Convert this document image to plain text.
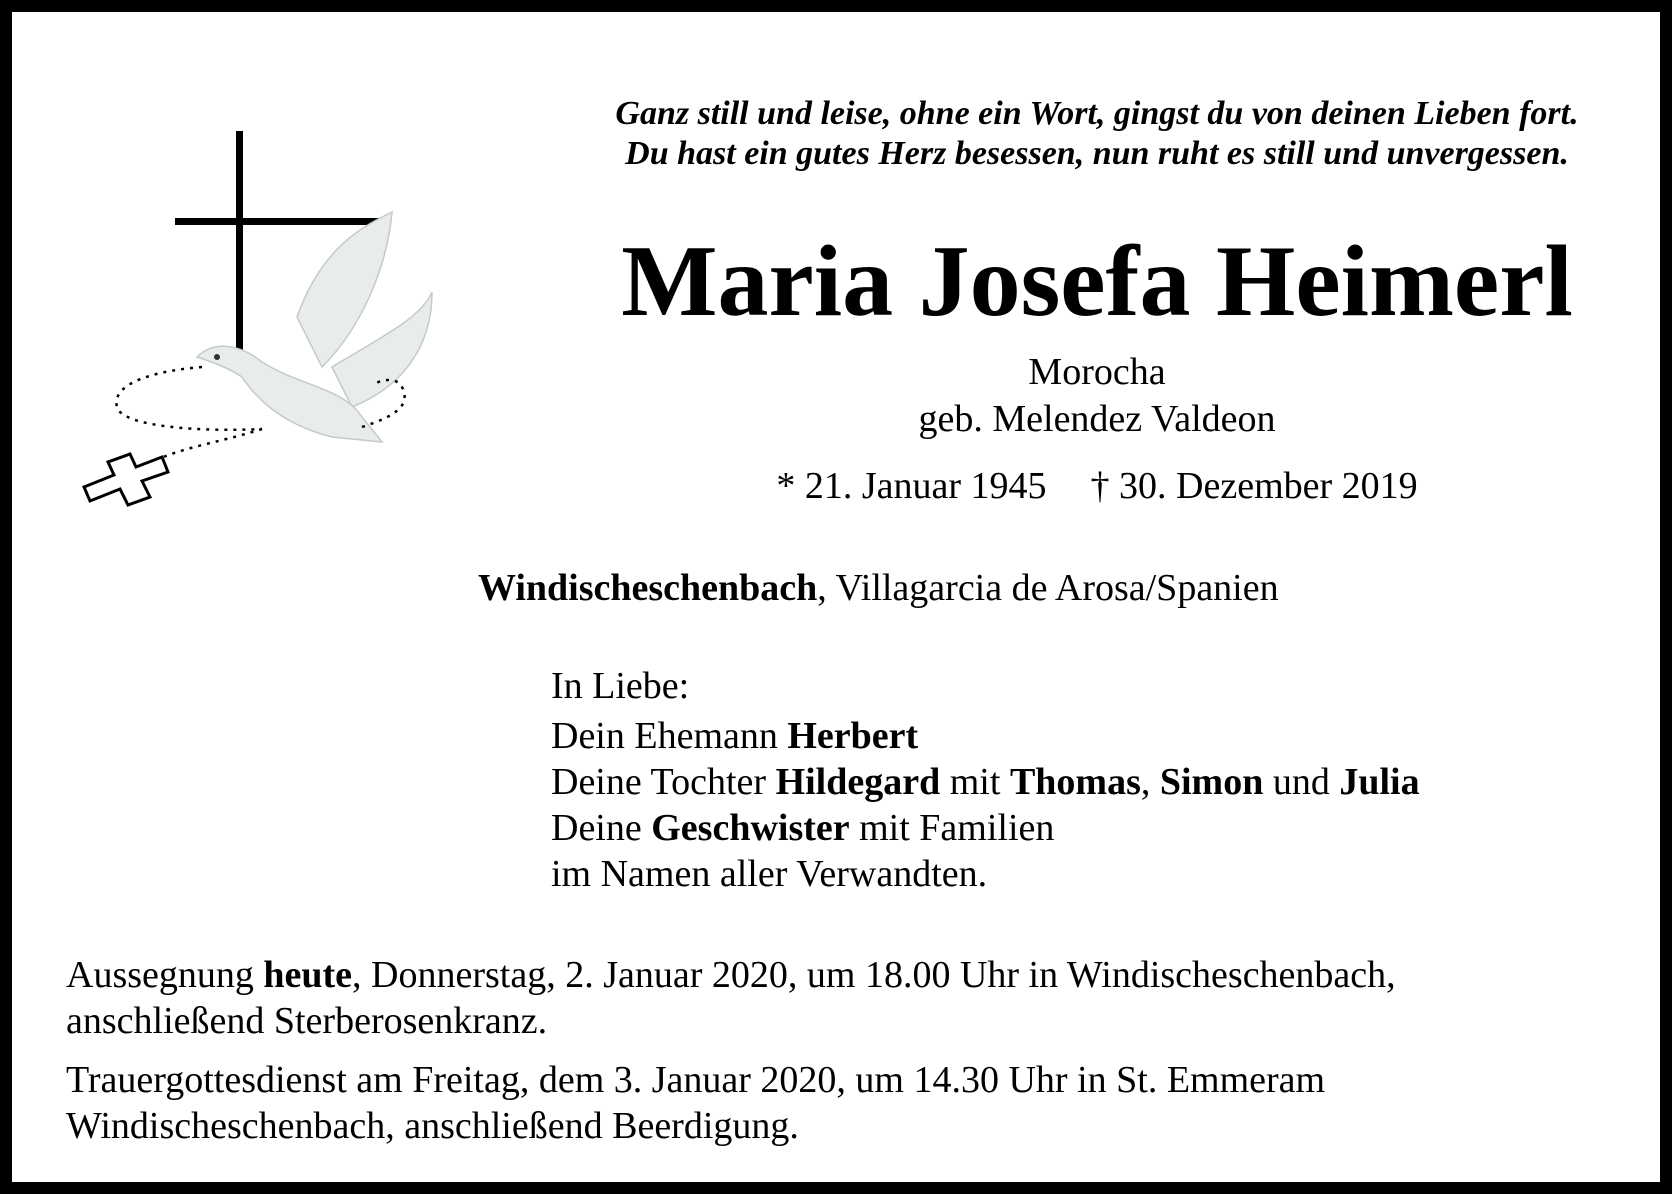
Ganz still und leise, ohne ein Wort, gingst du von deinen Lieben fort.
Du hast ein gutes Herz besessen, nun ruht es still und unvergessen.
Maria Josefa Heimerl
Morocha
geb. Melendez Valdeon
* 21. Januar 1945 † 30. Dezember 2019
Windischeschenbach, Villagarcia de Arosa/Spanien
In Liebe:
Dein Ehemann Herbert
Deine Tochter Hildegard mit Thomas, Simon und Julia
Deine Geschwister mit Familien
im Namen aller Verwandten.
Aussegnung heute, Donnerstag, 2. Januar 2020, um 18.00 Uhr in Windischeschenbach,
anschließend Sterberosenkranz.
Trauergottesdienst am Freitag, dem 3. Januar 2020, um 14.30 Uhr in St. Emmeram
Windischeschenbach, anschließend Beerdigung.
